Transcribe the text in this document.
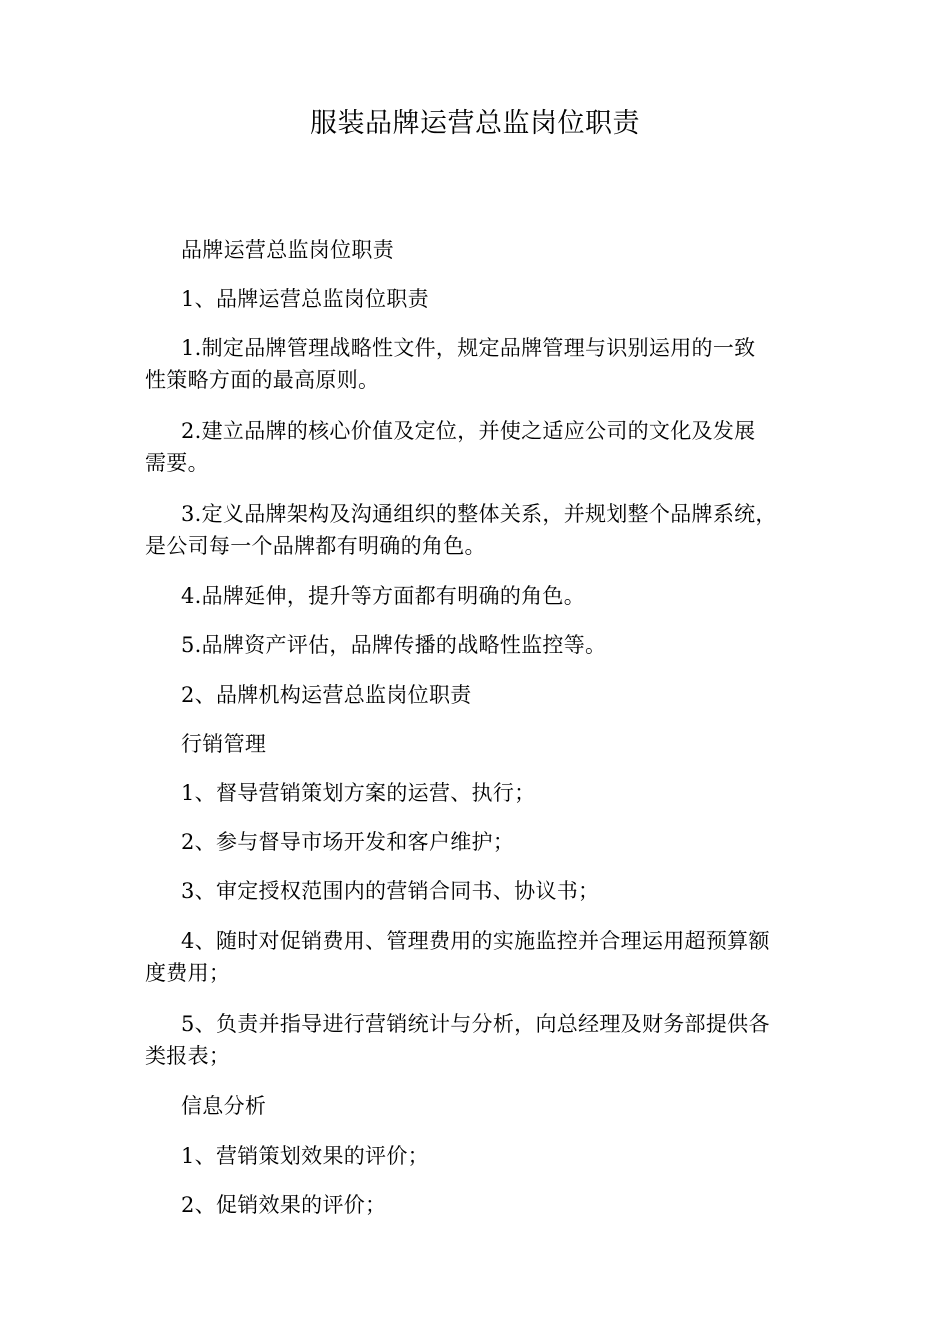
服装品牌运营总监岗位职责
品牌运营总监岗位职责
1、品牌运营总监岗位职责
1.制定品牌管理战略性文件，规定品牌管理与识别运用的一致
性策略方面的最高原则。
2.建立品牌的核心价值及定位，并使之适应公司的文化及发展
需要。
3.定义品牌架构及沟通组织的整体关系，并规划整个品牌系统，
是公司每一个品牌都有明确的角色。
4.品牌延伸，提升等方面都有明确的角色。
5.品牌资产评估，品牌传播的战略性监控等。
2、品牌机构运营总监岗位职责
行销管理
1、督导营销策划方案的运营、执行；
2、参与督导市场开发和客户维护；
3、审定授权范围内的营销合同书、协议书；
4、随时对促销费用、管理费用的实施监控并合理运用超预算额
度费用；
5、负责并指导进行营销统计与分析，向总经理及财务部提供各
类报表；
信息分析
1、营销策划效果的评价；
2、促销效果的评价；
